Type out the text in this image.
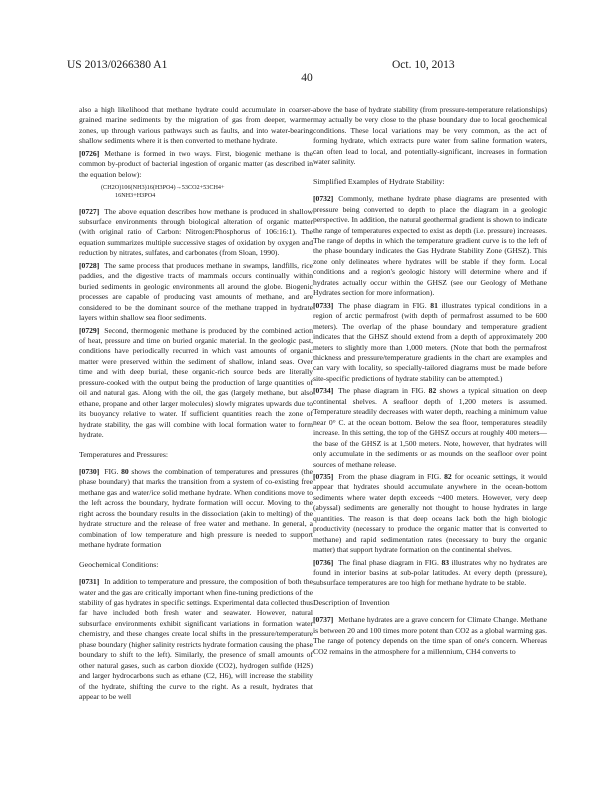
US 2013/0266380 A1	Oct. 10, 2013
40

also a high likelihood that methane hydrate could accumulate in coarser-grained marine sediments by the migration of gas from deeper, warmer zones, up through various pathways such as faults, and into water-bearing shallow sediments where it is then converted to methane hydrate.

[0726] Methane is formed in two ways. First, biogenic methane is the common by-product of bacterial ingestion of organic matter (as described in the equation below):

(CH2O)106(NH3)16(H3PO4)→53CO2+53CH4+
16NH3+H3PO4

[0727] The above equation describes how methane is produced in shallow subsurface environments through biological alteration of organic matter (with original ratio of Carbon: Nitrogen:Phosphorus of 106:16:1). The equation summarizes multiple successive stages of oxidation by oxygen and reduction by nitrates, sulfates, and carbonates (from Sloan, 1990).

[0728] The same process that produces methane in swamps, landfills, rice paddies, and the digestive tracts of mammals occurs continually within buried sediments in geologic environments all around the globe. Biogenic processes are capable of producing vast amounts of methane, and are considered to be the dominant source of the methane trapped in hydrate layers within shallow sea floor sediments.

[0729] Second, thermogenic methane is produced by the combined action of heat, pressure and time on buried organic material. In the geologic past, conditions have periodically recurred in which vast amounts of organic matter were preserved within the sediment of shallow, inland seas. Over time and with deep burial, these organic-rich source beds are literally pressure-cooked with the output being the production of large quantities of oil and natural gas. Along with the oil, the gas (largely methane, but also ethane, propane and other larger molecules) slowly migrates upwards due to its buoyancy relative to water. If sufficient quantities reach the zone of hydrate stability, the gas will combine with local formation water to form hydrate.

Temperatures and Pressures:

[0730] FIG. 80 shows the combination of temperatures and pressures (the phase boundary) that marks the transition from a system of co-existing free methane gas and water/ice solid methane hydrate. When conditions move to the left across the boundary, hydrate formation will occur. Moving to the right across the boundary results in the dissociation (akin to melting) of the hydrate structure and the release of free water and methane. In general, a combination of low temperature and high pressure is needed to support methane hydrate formation

Geochemical Conditions:

[0731] In addition to temperature and pressure, the composition of both the water and the gas are critically important when fine-tuning predictions of the stability of gas hydrates in specific settings. Experimental data collected thus far have included both fresh water and seawater. However, natural subsurface environments exhibit significant variations in formation water chemistry, and these changes create local shifts in the pressure/temperature phase boundary (higher salinity restricts hydrate formation causing the phase boundary to shift to the left). Similarly, the presence of small amounts of other natural gases, such as carbon dioxide (CO2), hydrogen sulfide (H2S) and larger hydrocarbons such as ethane (C2, H6), will increase the stability of the hydrate, shifting the curve to the right. As a result, hydrates that appear to be well

above the base of hydrate stability (from pressure-temperature relationships) may actually be very close to the phase boundary due to local geochemical conditions. These local variations may be very common, as the act of forming hydrate, which extracts pure water from saline formation waters, can often lead to local, and potentially-significant, increases in formation water salinity.

Simplified Examples of Hydrate Stability:

[0732] Commonly, methane hydrate phase diagrams are presented with pressure being converted to depth to place the diagram in a geologic perspective. In addition, the natural geothermal gradient is shown to indicate the range of temperatures expected to exist as depth (i.e. pressure) increases. The range of depths in which the temperature gradient curve is to the left of the phase boundary indicates the Gas Hydrate Stability Zone (GHSZ). This zone only delineates where hydrates will be stable if they form. Local conditions and a region's geologic history will determine where and if hydrates actually occur within the GHSZ (see our Geology of Methane Hydrates section for more information).

[0733] The phase diagram in FIG. 81 illustrates typical conditions in a region of arctic permafrost (with depth of permafrost assumed to be 600 meters). The overlap of the phase boundary and temperature gradient indicates that the GHSZ should extend from a depth of approximately 200 meters to slightly more than 1,000 meters. (Note that both the permafrost thickness and pressure/temperature gradients in the chart are examples and can vary with locality, so specially-tailored diagrams must be made before site-specific predictions of hydrate stability can be attempted.)

[0734] The phase diagram in FIG. 82 shows a typical situation on deep continental shelves. A seafloor depth of 1,200 meters is assumed. Temperature steadily decreases with water depth, reaching a minimum value near 0° C. at the ocean bottom. Below the sea floor, temperatures steadily increase. In this setting, the top of the GHSZ occurs at roughly 400 meters—the base of the GHSZ is at 1,500 meters. Note, however, that hydrates will only accumulate in the sediments or as mounds on the seafloor over point sources of methane release.

[0735] From the phase diagram in FIG. 82 for oceanic settings, it would appear that hydrates should accumulate anywhere in the ocean-bottom sediments where water depth exceeds ~400 meters. However, very deep (abyssal) sediments are generally not thought to house hydrates in large quantities. The reason is that deep oceans lack both the high biologic productivity (necessary to produce the organic matter that is converted to methane) and rapid sedimentation rates (necessary to bury the organic matter) that support hydrate formation on the continental shelves.

[0736] The final phase diagram in FIG. 83 illustrates why no hydrates are found in interior basins at sub-polar latitudes. At every depth (pressure), subsurface temperatures are too high for methane hydrate to be stable.

Description of Invention

[0737] Methane hydrates are a grave concern for Climate Change. Methane is between 20 and 100 times more potent than CO2 as a global warming gas. The range of potency depends on the time span of one's concern. Whereas CO2 remains in the atmosphere for a millennium, CH4 converts to
